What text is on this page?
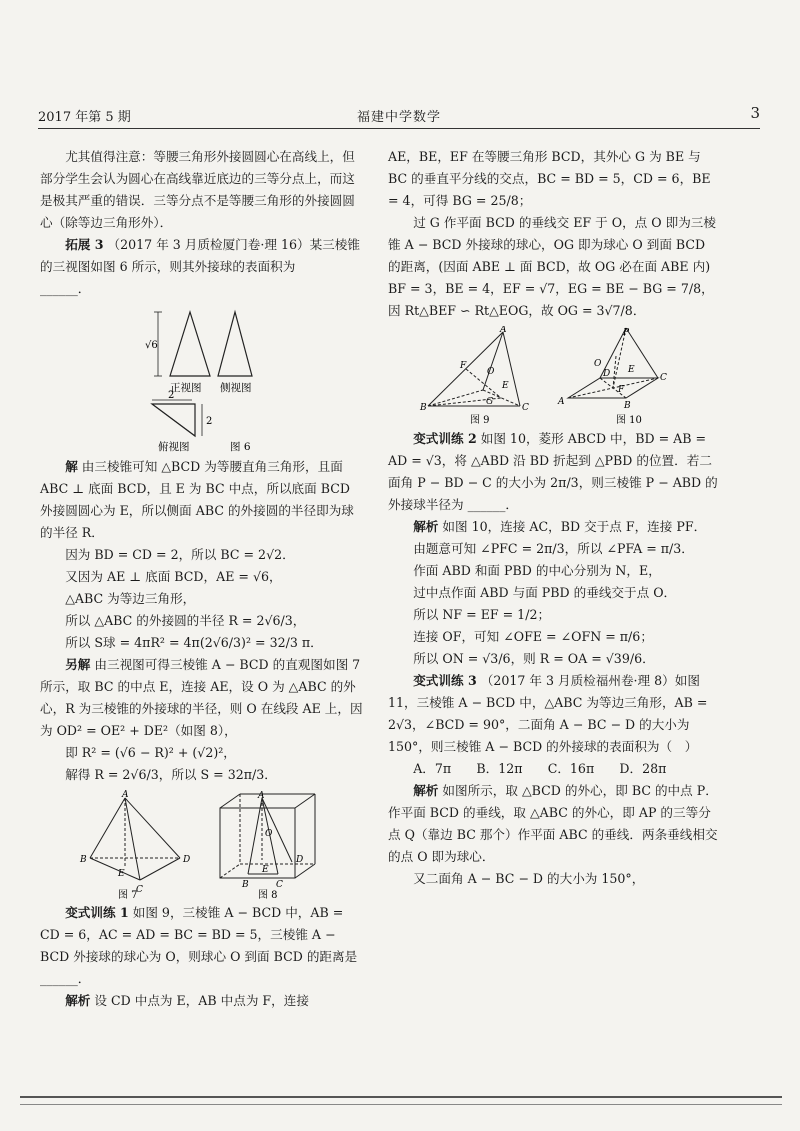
2017 年第 5 期	福建中学数学	3

尤其值得注意：等腰三角形外接圆圆心在高线上，但部分学生会认为圆心在高线靠近底边的三等分点上，而这是极其严重的错误．三等分点不是等腰三角形的外接圆圆心（除等边三角形外）．

拓展 3 （2017 年 3 月质检厦门卷·理 16）某三棱锥的三视图如图 6 所示，则其外接球的表面积为
______．

√6
正视图 侧视图
2
2
俯视图	图 6

解 由三棱锥可知 △BCD 为等腰直角三角形，且面 ABC ⊥ 底面 BCD，且 E 为 BC 中点，所以底面 BCD 外接圆圆心为 E，所以侧面 ABC 的外接圆的半径即为球的半径 R．

因为 BD = CD = 2，所以 BC = 2√2．

又因为 AE ⊥ 底面 BCD，AE = √6，

△ABC 为等边三角形，

所以 △ABC 的外接圆的半径 R = 2√6/3，

所以 S球 = 4πR² = 4π(2√6/3)² = 32/3 π．

另解 由三视图可得三棱锥 A − BCD 的直观图如图 7 所示，取 BC 的中点 E，连接 AE，设 O 为 △ABC 的外心，R 为三棱锥的外接球的半径，则 O 在线段 AE 上，因为 OD² = OE² + DE²（如图 8），

即 R² = (√6 − R)² + (√2)²，

解得 R = 2√6/3，所以 S = 32π/3．

A
B
C
D
E
图 7
A
O
B	C
D
E
图 8

变式训练 1 如图 9，三棱锥 A − BCD 中，AB = CD = 6，AC = AD = BC = BD = 5，三棱锥 A − BCD 外接球的球心为 O，则球心 O 到面 BCD 的距离是
______．

解析 设 CD 中点为 E，AB 中点为 F，连接

AE，BE，EF 在等腰三角形 BCD，其外心 G 为 BE 与 BC 的垂直平分线的交点，BC = BD = 5，CD = 6，BE = 4，可得 BG = 25/8；

过 G 作平面 BCD 的垂线交 EF 于 O，点 O 即为三棱锥 A − BCD 外接球的球心，OG 即为球心 O 到面 BCD 的距离，(因面 ABE ⊥ 面 BCD，故 OG 必在面 ABE 内) BF = 3，BE = 4，EF = √7，EG = BE − BG = 7/8，因 Rt△BEF ∽ Rt△EOG，故 OG = 3√7/8．

A
F
O
E
G
B	C
图 9
P
O
E
D
F
C
A	B
图 10

变式训练 2 如图 10，菱形 ABCD 中，BD = AB = AD = √3，将 △ABD 沿 BD 折起到 △PBD 的位置．若二面角 P − BD − C 的大小为 2π/3，则三棱锥 P − ABD 的外接球半径为 ______．

解析 如图 10，连接 AC，BD 交于点 F，连接 PF．

由题意可知 ∠PFC = 2π/3，所以 ∠PFA = π/3．

作面 ABD 和面 PBD 的中心分别为 N，E，

过中点作面 ABD 与面 PBD 的垂线交于点 O．

所以 NF = EF = 1/2；

连接 OF，可知 ∠OFE = ∠OFN = π/6；

所以 ON = √3/6，则 R = OA = √39/6．

变式训练 3 （2017 年 3 月质检福州卷·理 8）如图 11，三棱锥 A − BCD 中，△ABC 为等边三角形，AB = 2√3，∠BCD = 90°，二面角 A − BC − D 的大小为 150°，则三棱锥 A − BCD 的外接球的表面积为（　）

A．7π　　B．12π　　C．16π　　D．28π

解析 如图所示，取 △BCD 的外心，即 BC 的中点 P．作平面 BCD 的垂线，取 △ABC 的外心，即 AP 的三等分点 Q（靠边 BC 那个）作平面 ABC 的垂线．两条垂线相交的点 O 即为球心．

又二面角 A − BC − D 的大小为 150°，
